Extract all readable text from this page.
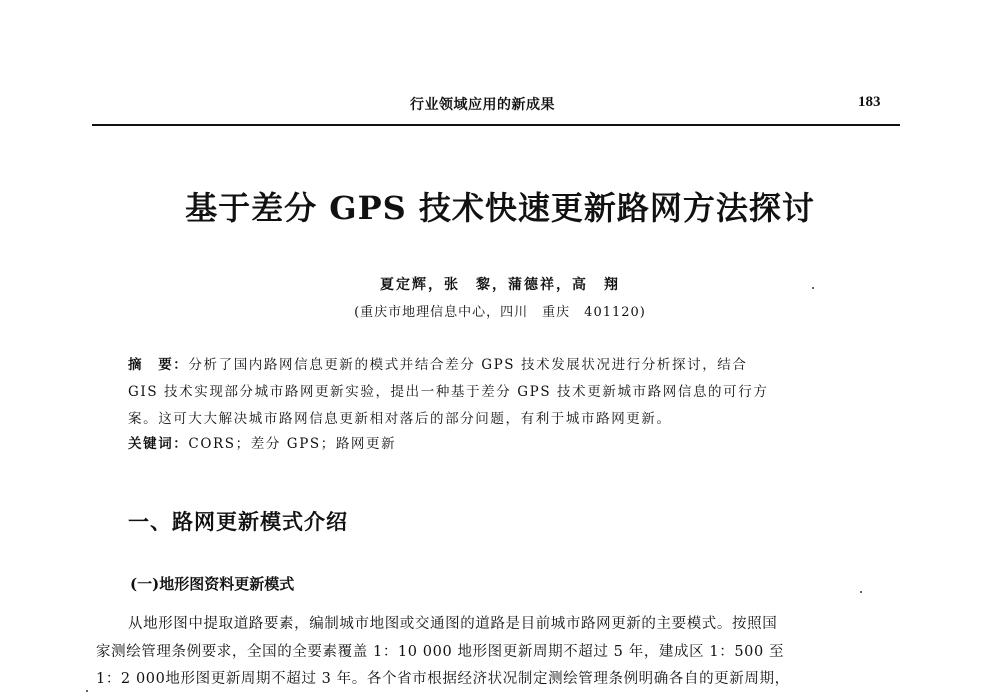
行业领域应用的新成果	183
基于差分 GPS 技术快速更新路网方法探讨
夏定辉，张　黎，蒲德祥，高　翔
(重庆市地理信息中心，四川　重庆　401120)
摘　要：分析了国内路网信息更新的模式并结合差分 GPS 技术发展状况进行分析探讨，结合
GIS 技术实现部分城市路网更新实验，提出一种基于差分 GPS 技术更新城市路网信息的可行方
案。这可大大解决城市路网信息更新相对落后的部分问题，有利于城市路网更新。
关键词：CORS；差分 GPS；路网更新
一、路网更新模式介绍
(一)地形图资料更新模式
从地形图中提取道路要素，编制城市地图或交通图的道路是目前城市路网更新的主要模式。按照国
家测绘管理条例要求，全国的全要素覆盖 1：10 000 地形图更新周期不超过 5 年，建成区 1：500 至
1：2 000地形图更新周期不超过 3 年。各个省市根据经济状况制定测绘管理条例明确各自的更新周期，
